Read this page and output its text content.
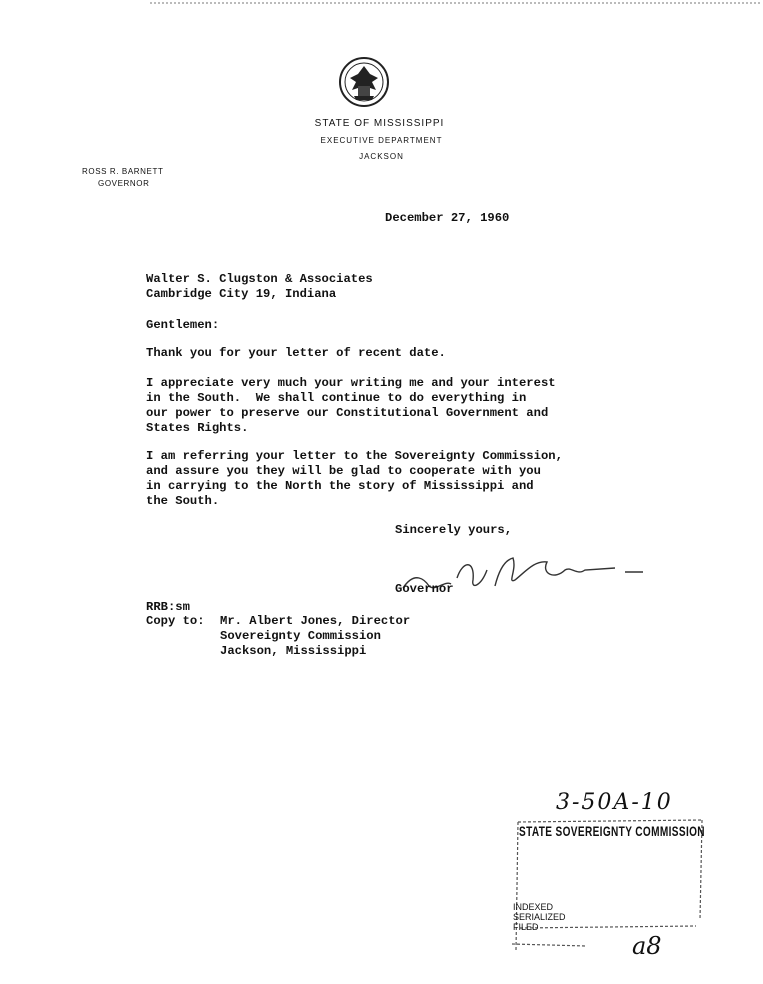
STATE OF MISSISSIPPI
EXECUTIVE DEPARTMENT
JACKSON
ROSS R. BARNETT
GOVERNOR
December 27, 1960
Walter S. Clugston & Associates
Cambridge City 19, Indiana
Gentlemen:
Thank you for your letter of recent date.
I appreciate very much your writing me and your interest
in the South.  We shall continue to do everything in
our power to preserve our Constitutional Government and
States Rights.
I am referring your letter to the Sovereignty Commission,
and assure you they will be glad to cooperate with you
in carrying to the North the story of Mississippi and
the South.
Sincerely yours,
Governor
RRB:sm
Copy to: Mr. Albert Jones, Director
Sovereignty Commission
Jackson, Mississippi
3-50A-10
STATE SOVEREIGNTY COMMISSION
INDEXED
SERIALIZED
FILED
a8
